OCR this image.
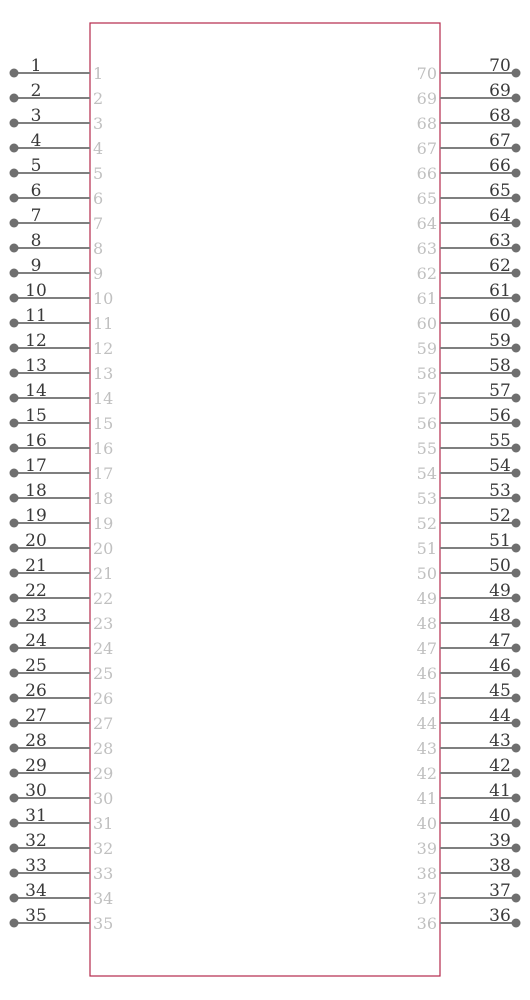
1	1
2	2
3	3
4	4
5	5
6	6
7	7
8	8
9	9
10	10
11	11
12	12
13	13
14	14
15	15
16	16
17	17
18	18
19	19
20	20
21	21
22	22
23	23
24	24
25	25
26	26
27	27
28	28
29	29
30	30
31	31
32	32
33	33
34	34
35	35
70
70
69
69
68
68
67
67
66
66
65
65
64
64
63
63
62
62
61
61
60
60
59
59
58
58
57
57
56
56
55
55
54
54
53
53
52
52
51
51
50
50
49
49
48
48
47
47
46
46
45
45
44
44
43
43
42
42
41
41
40
40
39
39
38
38
37
37
36
36
